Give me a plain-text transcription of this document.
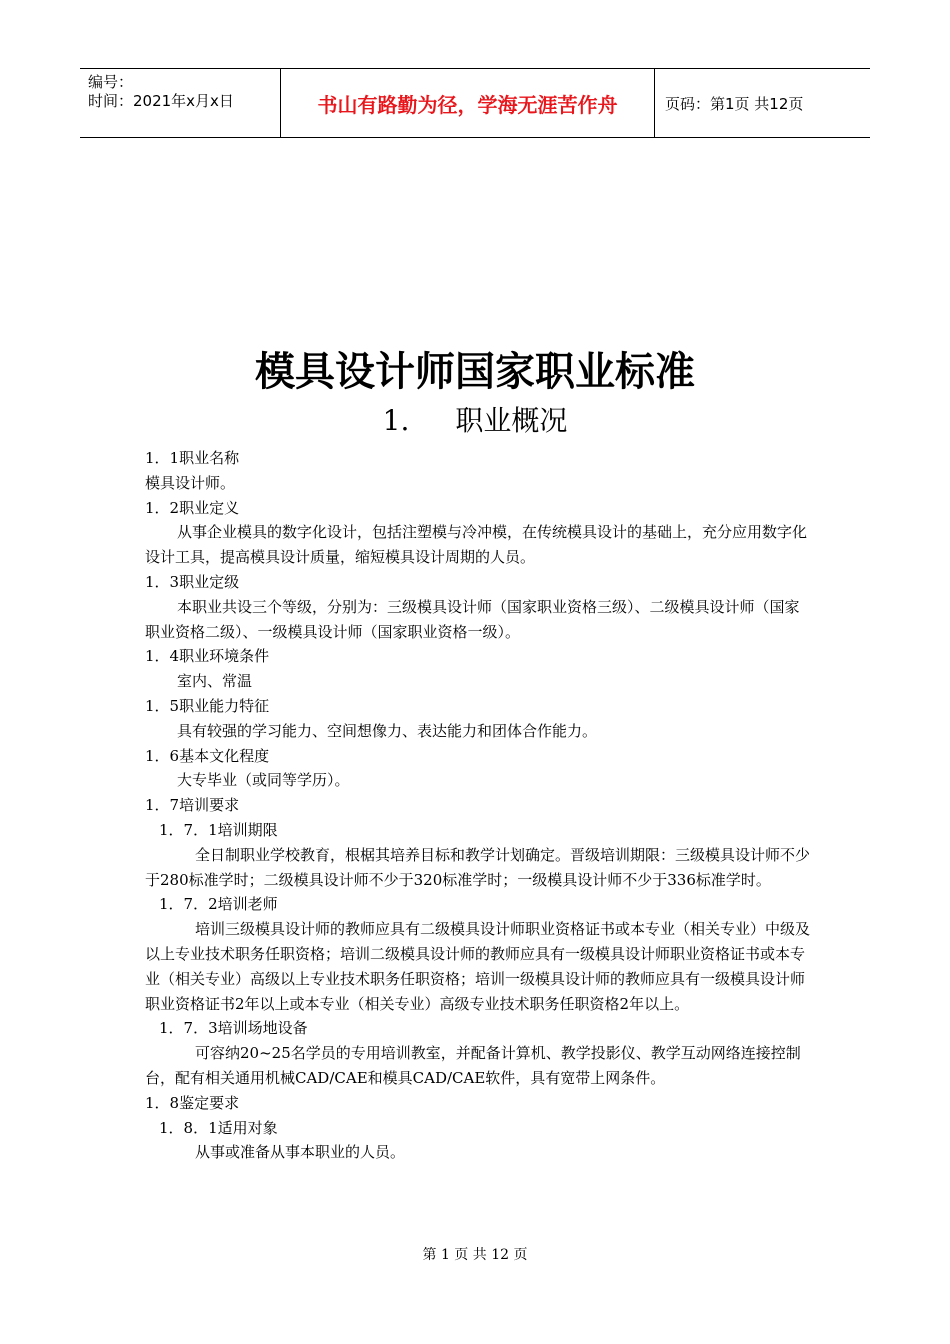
编号：
时间：2021年x月x日	书山有路勤为径，学海无涯苦作舟	页码：第1页 共12页
模具设计师国家职业标准
1. 职业概况

1．1职业名称

模具设计师。

1．2职业定义

从事企业模具的数字化设计，包括注塑模与冷冲模，在传统模具设计的基础上，充分应用数字化设计工具，提高模具设计质量，缩短模具设计周期的人员。

1．3职业定级

本职业共设三个等级，分别为：三级模具设计师（国家职业资格三级）、二级模具设计师（国家职业资格二级）、一级模具设计师（国家职业资格一级）。

1．4职业环境条件

室内、常温

1．5职业能力特征

具有较强的学习能力、空间想像力、表达能力和团体合作能力。

1．6基本文化程度

大专毕业（或同等学历）。

1．7培训要求

1．7．1培训期限

全日制职业学校教育，根椐其培养目标和教学计划确定。晋级培训期限：三级模具设计师不少于280标准学时；二级模具设计师不少于320标准学时；一级模具设计师不少于336标准学时。

1．7．2培训老师

培训三级模具设计师的教师应具有二级模具设计师职业资格证书或本专业（相关专业）中级及以上专业技术职务任职资格；培训二级模具设计师的教师应具有一级模具设计师职业资格证书或本专业（相关专业）高级以上专业技术职务任职资格；培训一级模具设计师的教师应具有一级模具设计师职业资格证书2年以上或本专业（相关专业）高级专业技术职务任职资格2年以上。

1．7．3培训场地设备

可容纳20~25名学员的专用培训教室，并配备计算机、教学投影仪、教学互动网络连接控制台，配有相关通用机械CAD/CAE和模具CAD/CAE软件，具有宽带上网条件。

1．8鉴定要求

1．8．1适用对象

从事或准备从事本职业的人员。

第 1 页 共 12 页
